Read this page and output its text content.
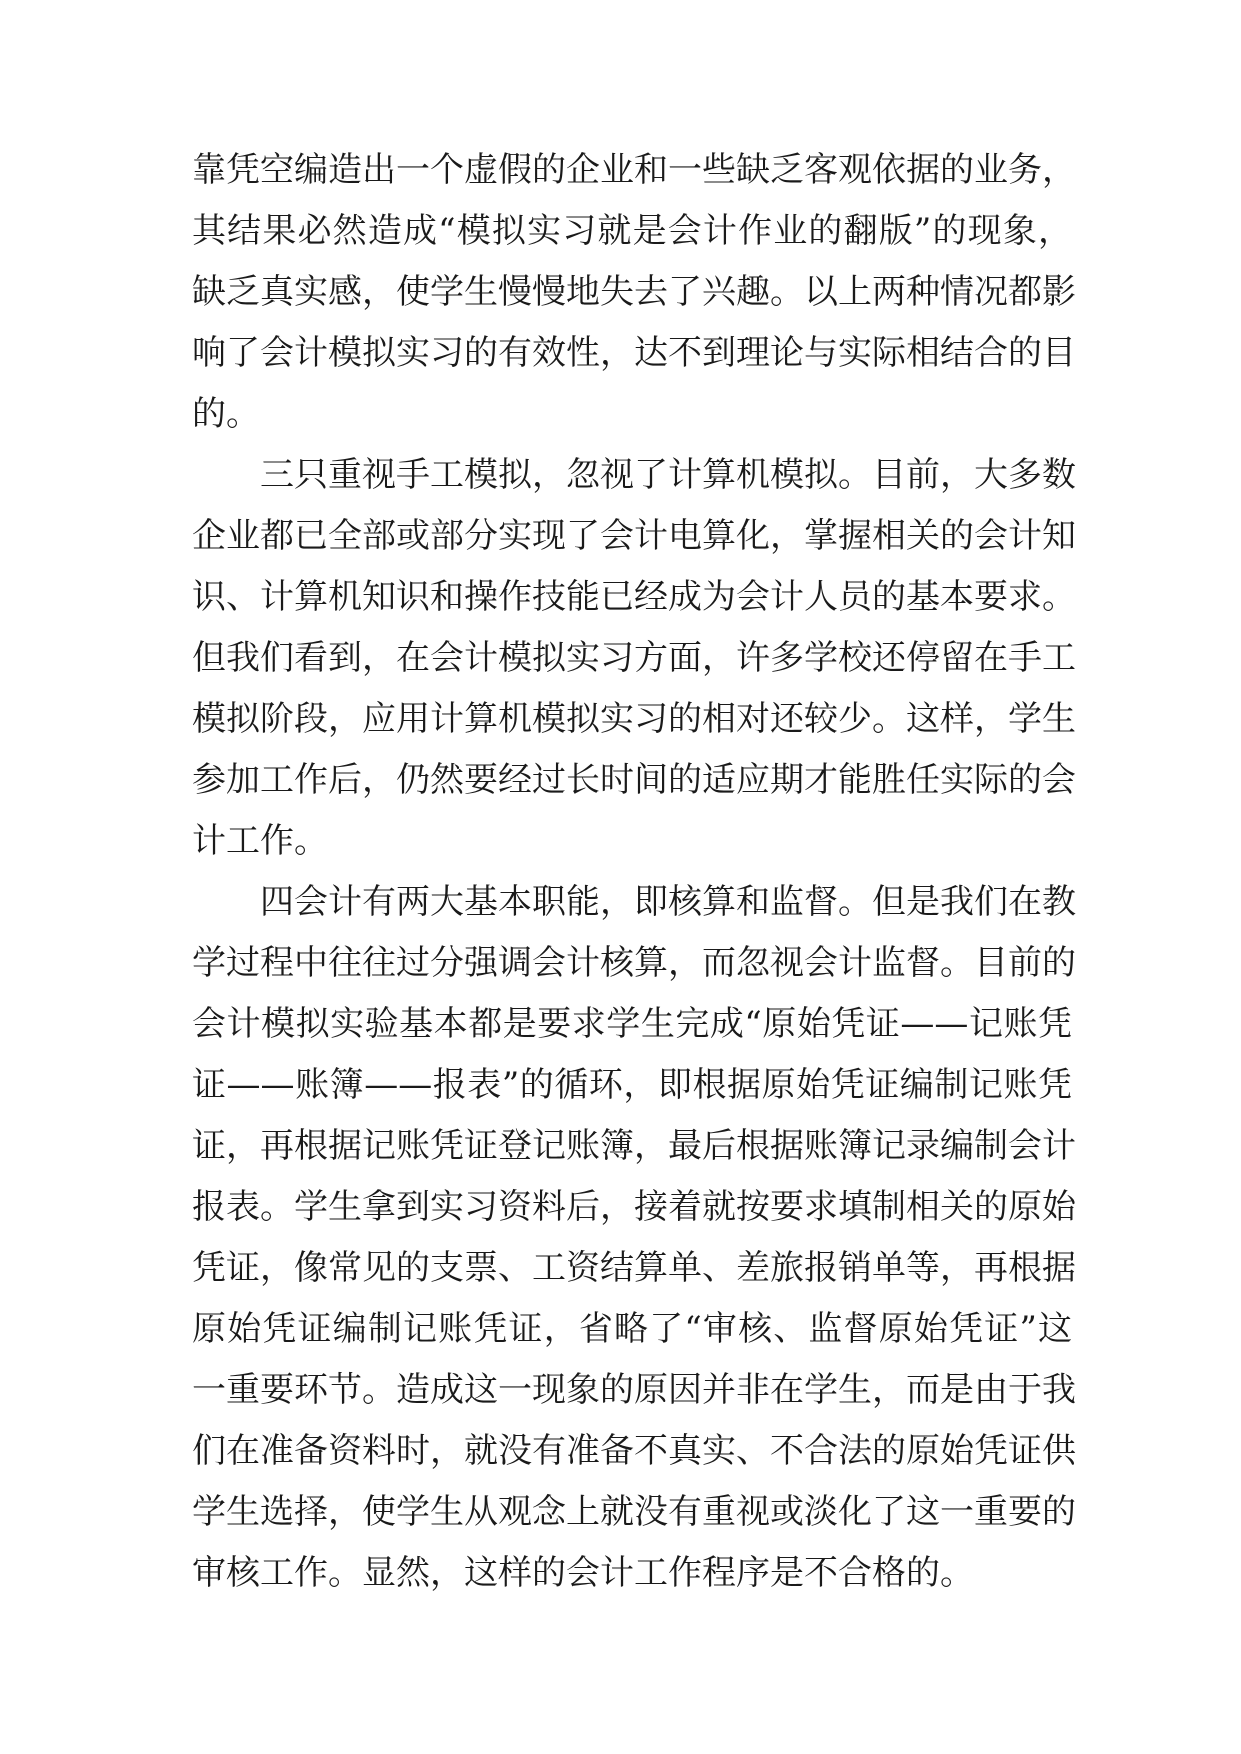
靠凭空编造出一个虚假的企业和一些缺乏客观依据的业务，
其结果必然造成“模拟实习就是会计作业的翻版”的现象，
缺乏真实感，使学生慢慢地失去了兴趣。以上两种情况都影
响了会计模拟实习的有效性，达不到理论与实际相结合的目
的。
三只重视手工模拟，忽视了计算机模拟。目前，大多数
企业都已全部或部分实现了会计电算化，掌握相关的会计知
识、计算机知识和操作技能已经成为会计人员的基本要求。
但我们看到，在会计模拟实习方面，许多学校还停留在手工
模拟阶段，应用计算机模拟实习的相对还较少。这样，学生
参加工作后，仍然要经过长时间的适应期才能胜任实际的会
计工作。
四会计有两大基本职能，即核算和监督。但是我们在教
学过程中往往过分强调会计核算，而忽视会计监督。目前的
会计模拟实验基本都是要求学生完成“原始凭证——记账凭
证——账簿——报表”的循环，即根据原始凭证编制记账凭
证，再根据记账凭证登记账簿，最后根据账簿记录编制会计
报表。学生拿到实习资料后，接着就按要求填制相关的原始
凭证，像常见的支票、工资结算单、差旅报销单等，再根据
原始凭证编制记账凭证，省略了“审核、监督原始凭证”这
一重要环节。造成这一现象的原因并非在学生，而是由于我
们在准备资料时，就没有准备不真实、不合法的原始凭证供
学生选择，使学生从观念上就没有重视或淡化了这一重要的
审核工作。显然，这样的会计工作程序是不合格的。
